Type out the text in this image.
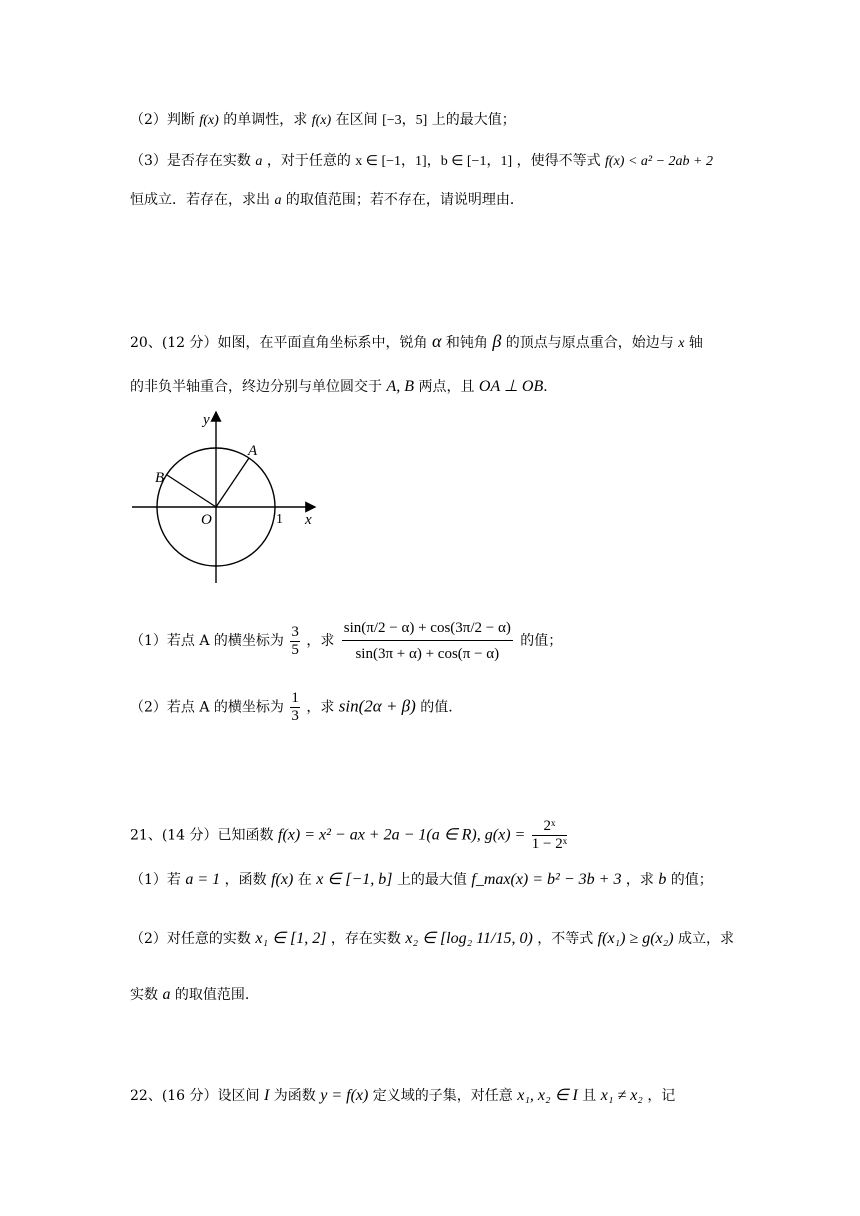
（2）判断 f(x) 的单调性，求 f(x) 在区间 [−3，5] 上的最大值；
（3）是否存在实数 a ，对于任意的 x ∈ [−1，1]，b ∈ [−1，1] ，使得不等式 f(x) < a² − 2ab + 2
恒成立．若存在，求出 a 的取值范围；若不存在，请说明理由．
20、(12 分）如图，在平面直角坐标系中，锐角 α 和钝角 β 的顶点与原点重合，始边与 x 轴
的非负半轴重合，终边分别与单位圆交于 A, B 两点，且 OA ⊥ OB．
y
A
B
O	1 x
（1）若点 A 的横坐标为 $\frac{3}{5}$ ，求 $\frac{\sin(\pi/2 - \alpha) + \cos(3\pi/2 - \alpha)}{\sin(3\pi + \alpha) + \cos(\pi - \alpha)}$ 的值；
（2）若点 A 的横坐标为 $\frac{1}{3}$ ，求 sin(2α + β) 的值.
21、(14 分）已知函数 f(x) = x² − ax + 2a − 1(a ∈ R), $g(x) = \frac{\text{2ˣ}}{\text{1 − 2ˣ}}$
（1）若 a = 1 ，函数 f(x) 在 x ∈ [−1, b] 上的最大值 f_max(x) = b² − 3b + 3 ，求 b 的值；
（2）对任意的实数 x₁ ∈ [1, 2] ，存在实数 x₂ ∈ [log₂ 11/15, 0) ，不等式 f(x₁) ≥ g(x₂) 成立，求
实数 a 的取值范围.
22、(16 分）设区间 I 为函数 y = f(x) 定义域的子集，对任意 x₁, x₂ ∈ I 且 x₁ ≠ x₂ ，记
